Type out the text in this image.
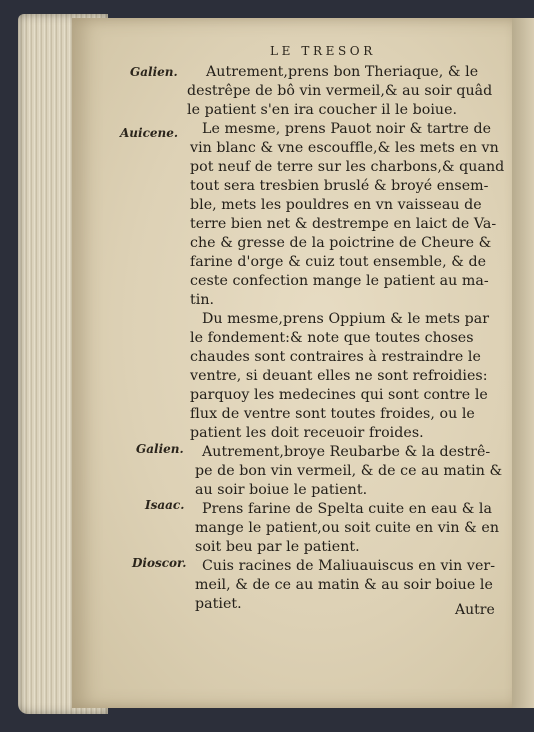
LE TRESOR
Galien.
Auicene.
Galien.
Isaac.
Dioscor.
Autrement,prens bon Theriaque, & le
destrêpe de bô vin vermeil,& au soir quâd
le patient s'en ira coucher il le boiue.
Le mesme, prens Pauot noir & tartre de
vin blanc & vne escouffle,& les mets en vn
pot neuf de terre sur les charbons,& quand
tout sera tresbien bruslé & broyé ensem-
ble, mets les pouldres en vn vaisseau de
terre bien net & destrempe en laict de Va-
che & gresse de la poictrine de Cheure &
farine d'orge & cuiz tout ensemble, & de
ceste confection mange le patient au ma-
tin.
Du mesme,prens Oppium & le mets par
le fondement:& note que toutes choses
chaudes sont contraires à restraindre le
ventre, si deuant elles ne sont refroidies:
parquoy les medecines qui sont contre le
flux de ventre sont toutes froides, ou le
patient les doit receuoir froides.
Autrement,broye Reubarbe & la destrê-
pe de bon vin vermeil, & de ce au matin &
au soir boiue le patient.
Prens farine de Spelta cuite en eau & la
mange le patient,ou soit cuite en vin & en
soit beu par le patient.
Cuis racines de Maliuauiscus en vin ver-
meil, & de ce au matin & au soir boiue le
patiet.	Autre
